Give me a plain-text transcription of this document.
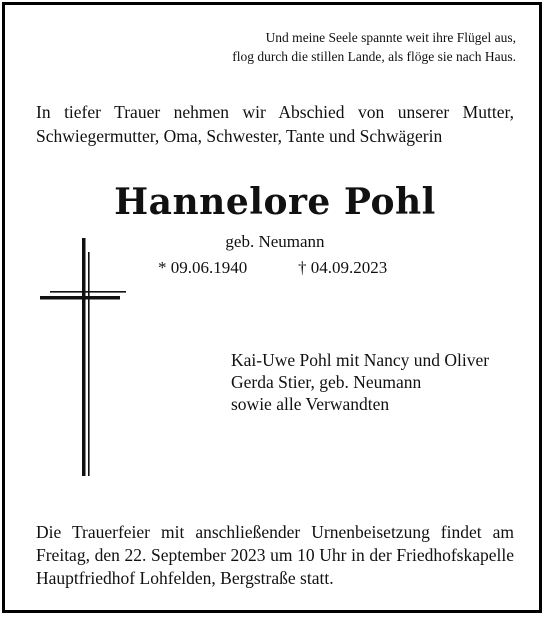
Und meine Seele spannte weit ihre Flügel aus,
flog durch die stillen Lande, als flöge sie nach Haus.
In tiefer Trauer nehmen wir Abschied von unserer Mutter, Schwiegermutter, Oma, Schwester, Tante und Schwägerin
Hannelore Pohl
geb. Neumann
* 09.06.1940	† 04.09.2023
Kai-Uwe Pohl mit Nancy und Oliver
Gerda Stier, geb. Neumann
sowie alle Verwandten
Die Trauerfeier mit anschließender Urnenbeisetzung findet am Freitag, den 22. September 2023 um 10 Uhr in der Friedhofskapelle Hauptfriedhof Lohfelden, Bergstraße statt.
